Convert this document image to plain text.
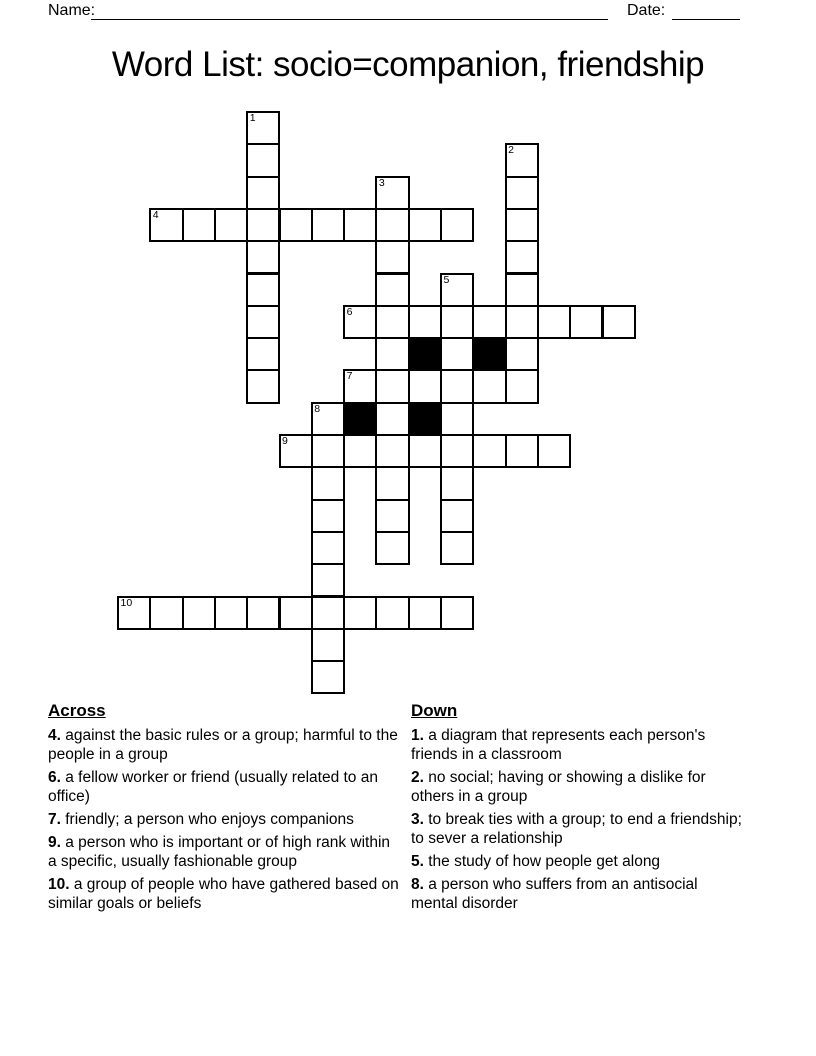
Name:	Date:
Word List: socio=companion, friendship
1
2
3
4
5
6
7
8
9
10
Across

4. against the basic rules or a group; harmful to the people in a group

6. a fellow worker or friend (usually related to an office)

7. friendly; a person who enjoys companions

9. a person who is important or of high rank within a specific, usually fashionable group

10. a group of people who have gathered based on similar goals or beliefs

Down

1. a diagram that represents each person's friends in a classroom

2. no social; having or showing a dislike for others in a group

3. to break ties with a group; to end a friendship; to sever a relationship

5. the study of how people get along

8. a person who suffers from an antisocial mental disorder
